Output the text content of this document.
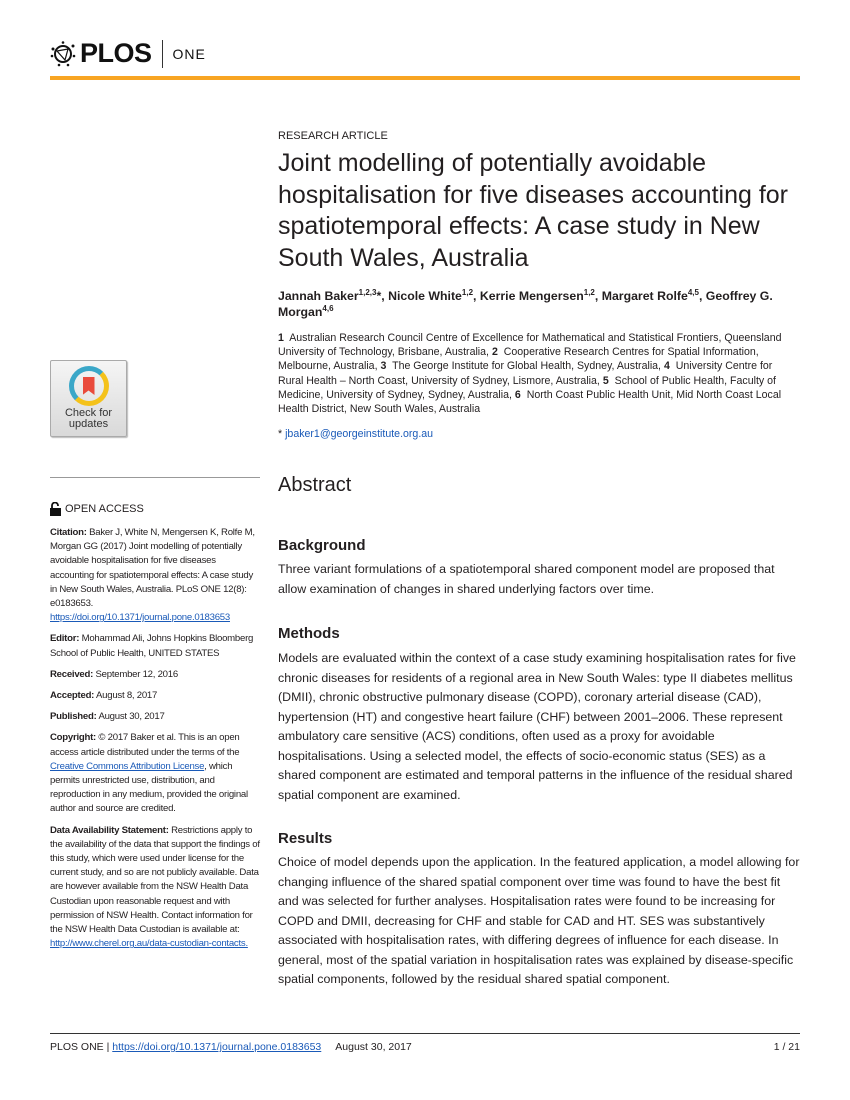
PLOS ONE
RESEARCH ARTICLE
Joint modelling of potentially avoidable hospitalisation for five diseases accounting for spatiotemporal effects: A case study in New South Wales, Australia
Jannah Baker$^{1,2,3}$*, Nicole White$^{1,2}$, Kerrie Mengersen$^{1,2}$, Margaret Rolfe$^{4,5}$, Geoffrey G. Morgan$^{4,6}$
1 Australian Research Council Centre of Excellence for Mathematical and Statistical Frontiers, Queensland University of Technology, Brisbane, Australia, 2 Cooperative Research Centres for Spatial Information, Melbourne, Australia, 3 The George Institute for Global Health, Sydney, Australia, 4 University Centre for Rural Health – North Coast, University of Sydney, Lismore, Australia, 5 School of Public Health, Faculty of Medicine, University of Sydney, Sydney, Australia, 6 North Coast Public Health Unit, Mid North Coast Local Health District, New South Wales, Australia
* jbaker1@georgeinstitute.org.au
Check for
updates
OPEN ACCESS

Citation: Baker J, White N, Mengersen K, Rolfe M, Morgan GG (2017) Joint modelling of potentially avoidable hospitalisation for five diseases accounting for spatiotemporal effects: A case study in New South Wales, Australia. PLoS ONE 12(8): e0183653. https://doi.org/10.1371/journal.pone.0183653

Editor: Mohammad Ali, Johns Hopkins Bloomberg School of Public Health, UNITED STATES

Received: September 12, 2016

Accepted: August 8, 2017

Published: August 30, 2017

Copyright: © 2017 Baker et al. This is an open access article distributed under the terms of the Creative Commons Attribution License, which permits unrestricted use, distribution, and reproduction in any medium, provided the original author and source are credited.

Data Availability Statement: Restrictions apply to the availability of the data that support the findings of this study, which were used under license for the current study, and so are not publicly available. Data are however available from the NSW Health Data Custodian upon reasonable request and with permission of NSW Health. Contact information for the NSW Health Data Custodian is available at: http://www.cherel.org.au/data-custodian-contacts.

Abstract
Background

Three variant formulations of a spatiotemporal shared component model are proposed that allow examination of changes in shared underlying factors over time.

Methods

Models are evaluated within the context of a case study examining hospitalisation rates for five chronic diseases for residents of a regional area in New South Wales: type II diabetes mellitus (DMII), chronic obstructive pulmonary disease (COPD), coronary arterial disease (CAD), hypertension (HT) and congestive heart failure (CHF) between 2001–2006. These represent ambulatory care sensitive (ACS) conditions, often used as a proxy for avoidable hospitalisations. Using a selected model, the effects of socio-economic status (SES) as a shared component are estimated and temporal patterns in the influence of the residual shared spatial component are examined.

Results

Choice of model depends upon the application. In the featured application, a model allowing for changing influence of the shared spatial component over time was found to have the best fit and was selected for further analyses. Hospitalisation rates were found to be increasing for COPD and DMII, decreasing for CHF and stable for CAD and HT. SES was substantively associated with hospitalisation rates, with differing degrees of influence for each disease. In general, most of the spatial variation in hospitalisation rates was explained by disease-specific spatial components, followed by the residual shared spatial component.

PLOS ONE |
https://doi.org/10.1371/journal.pone.0183653 August 30, 2017	1 / 21
